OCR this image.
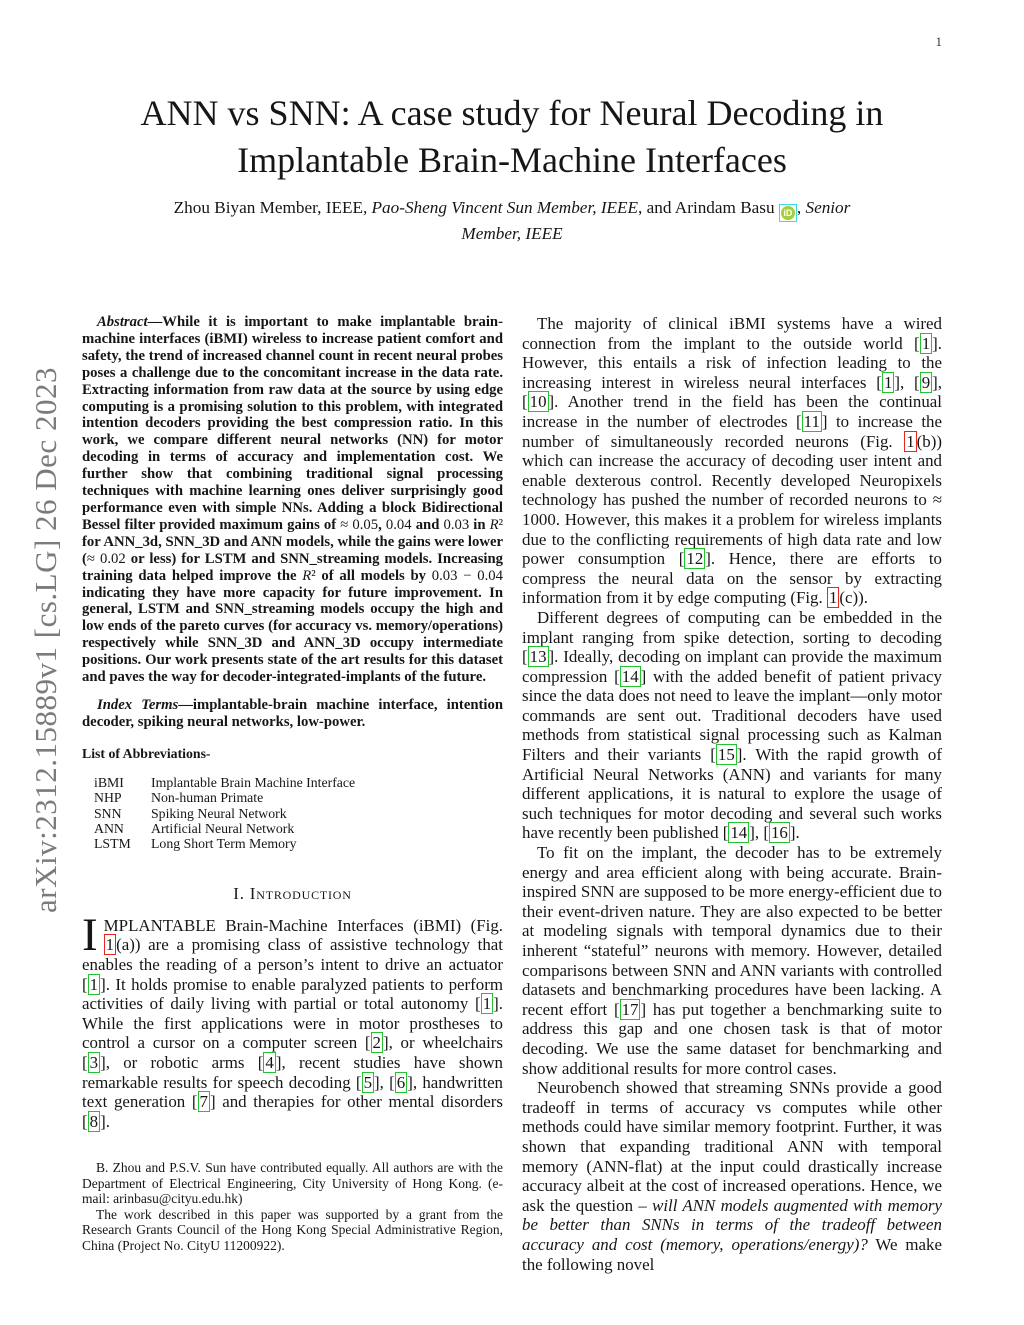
1
arXiv:2312.15889v1 [cs.LG] 26 Dec 2023
ANN vs SNN: A case study for Neural Decoding in
Implantable Brain-Machine Interfaces
Zhou Biyan Member, IEEE, Pao-Sheng Vincent Sun Member, IEEE, and Arindam Basu iD , Senior
Member, IEEE

Abstract—While it is important to make implantable brain-machine interfaces (iBMI) wireless to increase patient comfort and safety, the trend of increased channel count in recent neural probes poses a challenge due to the concomitant increase in the data rate. Extracting information from raw data at the source by using edge computing is a promising solution to this problem, with integrated intention decoders providing the best compression ratio. In this work, we compare different neural networks (NN) for motor decoding in terms of accuracy and implementation cost. We further show that combining traditional signal processing techniques with machine learning ones deliver surprisingly good performance even with simple NNs. Adding a block Bidirectional Bessel filter provided maximum gains of ≈ 0.05, 0.04 and 0.03 in R² for ANN_3d, SNN_3D and ANN models, while the gains were lower (≈ 0.02 or less) for LSTM and SNN_streaming models. Increasing training data helped improve the R² of all models by 0.03 − 0.04 indicating they have more capacity for future improvement. In general, LSTM and SNN_streaming models occupy the high and low ends of the pareto curves (for accuracy vs. memory/operations) respectively while SNN_3D and ANN_3D occupy intermediate positions. Our work presents state of the art results for this dataset and paves the way for decoder-integrated-implants of the future.

Index Terms—implantable-brain machine interface, intention decoder, spiking neural networks, low-power.

List of Abbreviations-

iBMI	Implantable Brain Machine Interface
NHP	Non-human Primate
SNN	Spiking Neural Network
ANN	Artificial Neural Network
LSTM	Long Short Term Memory
I. Introduction

IMPLANTABLE Brain-Machine Interfaces (iBMI) (Fig. 1 (a)) are a promising class of assistive technology that enables the reading of a person’s intent to drive an actuator [ 1 ]. It holds promise to enable paralyzed patients to perform activities of daily living with partial or total autonomy [ 1 ]. While the first applications were in motor prostheses to control a cursor on a computer screen [ 2 ], or wheelchairs [ 3 ], or robotic arms [ 4 ], recent studies have shown remarkable results for speech decoding [ 5 ], [ 6 ], handwritten text generation [ 7 ] and therapies for other mental disorders [ 8 ].

The majority of clinical iBMI systems have a wired connection from the implant to the outside world [ 1 ]. However, this entails a risk of infection leading to the increasing interest in wireless neural interfaces [ 1 ], [ 9 ], [ 10 ]. Another trend in the field has been the continual increase in the number of electrodes [ 11 ] to increase the number of simultaneously recorded neurons (Fig. 1 (b)) which can increase the accuracy of decoding user intent and enable dexterous control. Recently developed Neuropixels technology has pushed the number of recorded neurons to ≈ 1000. However, this makes it a problem for wireless implants due to the conflicting requirements of high data rate and low power consumption [ 12 ]. Hence, there are efforts to compress the neural data on the sensor by extracting information from it by edge computing (Fig. 1 (c)).

Different degrees of computing can be embedded in the implant ranging from spike detection, sorting to decoding [ 13 ]. Ideally, decoding on implant can provide the maximum compression [ 14 ] with the added benefit of patient privacy since the data does not need to leave the implant—only motor commands are sent out. Traditional decoders have used methods from statistical signal processing such as Kalman Filters and their variants [ 15 ]. With the rapid growth of Artificial Neural Networks (ANN) and variants for many different applications, it is natural to explore the usage of such techniques for motor decoding and several such works have recently been published [ 14 ], [ 16 ].

To fit on the implant, the decoder has to be extremely energy and area efficient along with being accurate. Brain-inspired SNN are supposed to be more energy-efficient due to their event-driven nature. They are also expected to be better at modeling signals with temporal dynamics due to their inherent “stateful” neurons with memory. However, detailed comparisons between SNN and ANN variants with controlled datasets and benchmarking procedures have been lacking. A recent effort [ 17 ] has put together a benchmarking suite to address this gap and one chosen task is that of motor decoding. We use the same dataset for benchmarking and show additional results for more control cases.

Neurobench showed that streaming SNNs provide a good tradeoff in terms of accuracy vs computes while other methods could have similar memory footprint. Further, it was shown that expanding traditional ANN with temporal memory (ANN-flat) at the input could drastically increase accuracy albeit at the cost of increased operations. Hence, we ask the question – will ANN models augmented with memory be better than SNNs in terms of the tradeoff between accuracy and cost (memory, operations/energy)? We make the following novel

B. Zhou and P.S.V. Sun have contributed equally. All authors are with the Department of Electrical Engineering, City University of Hong Kong. (e-mail: arinbasu@cityu.edu.hk)

The work described in this paper was supported by a grant from the Research Grants Council of the Hong Kong Special Administrative Region, China (Project No. CityU 11200922).
